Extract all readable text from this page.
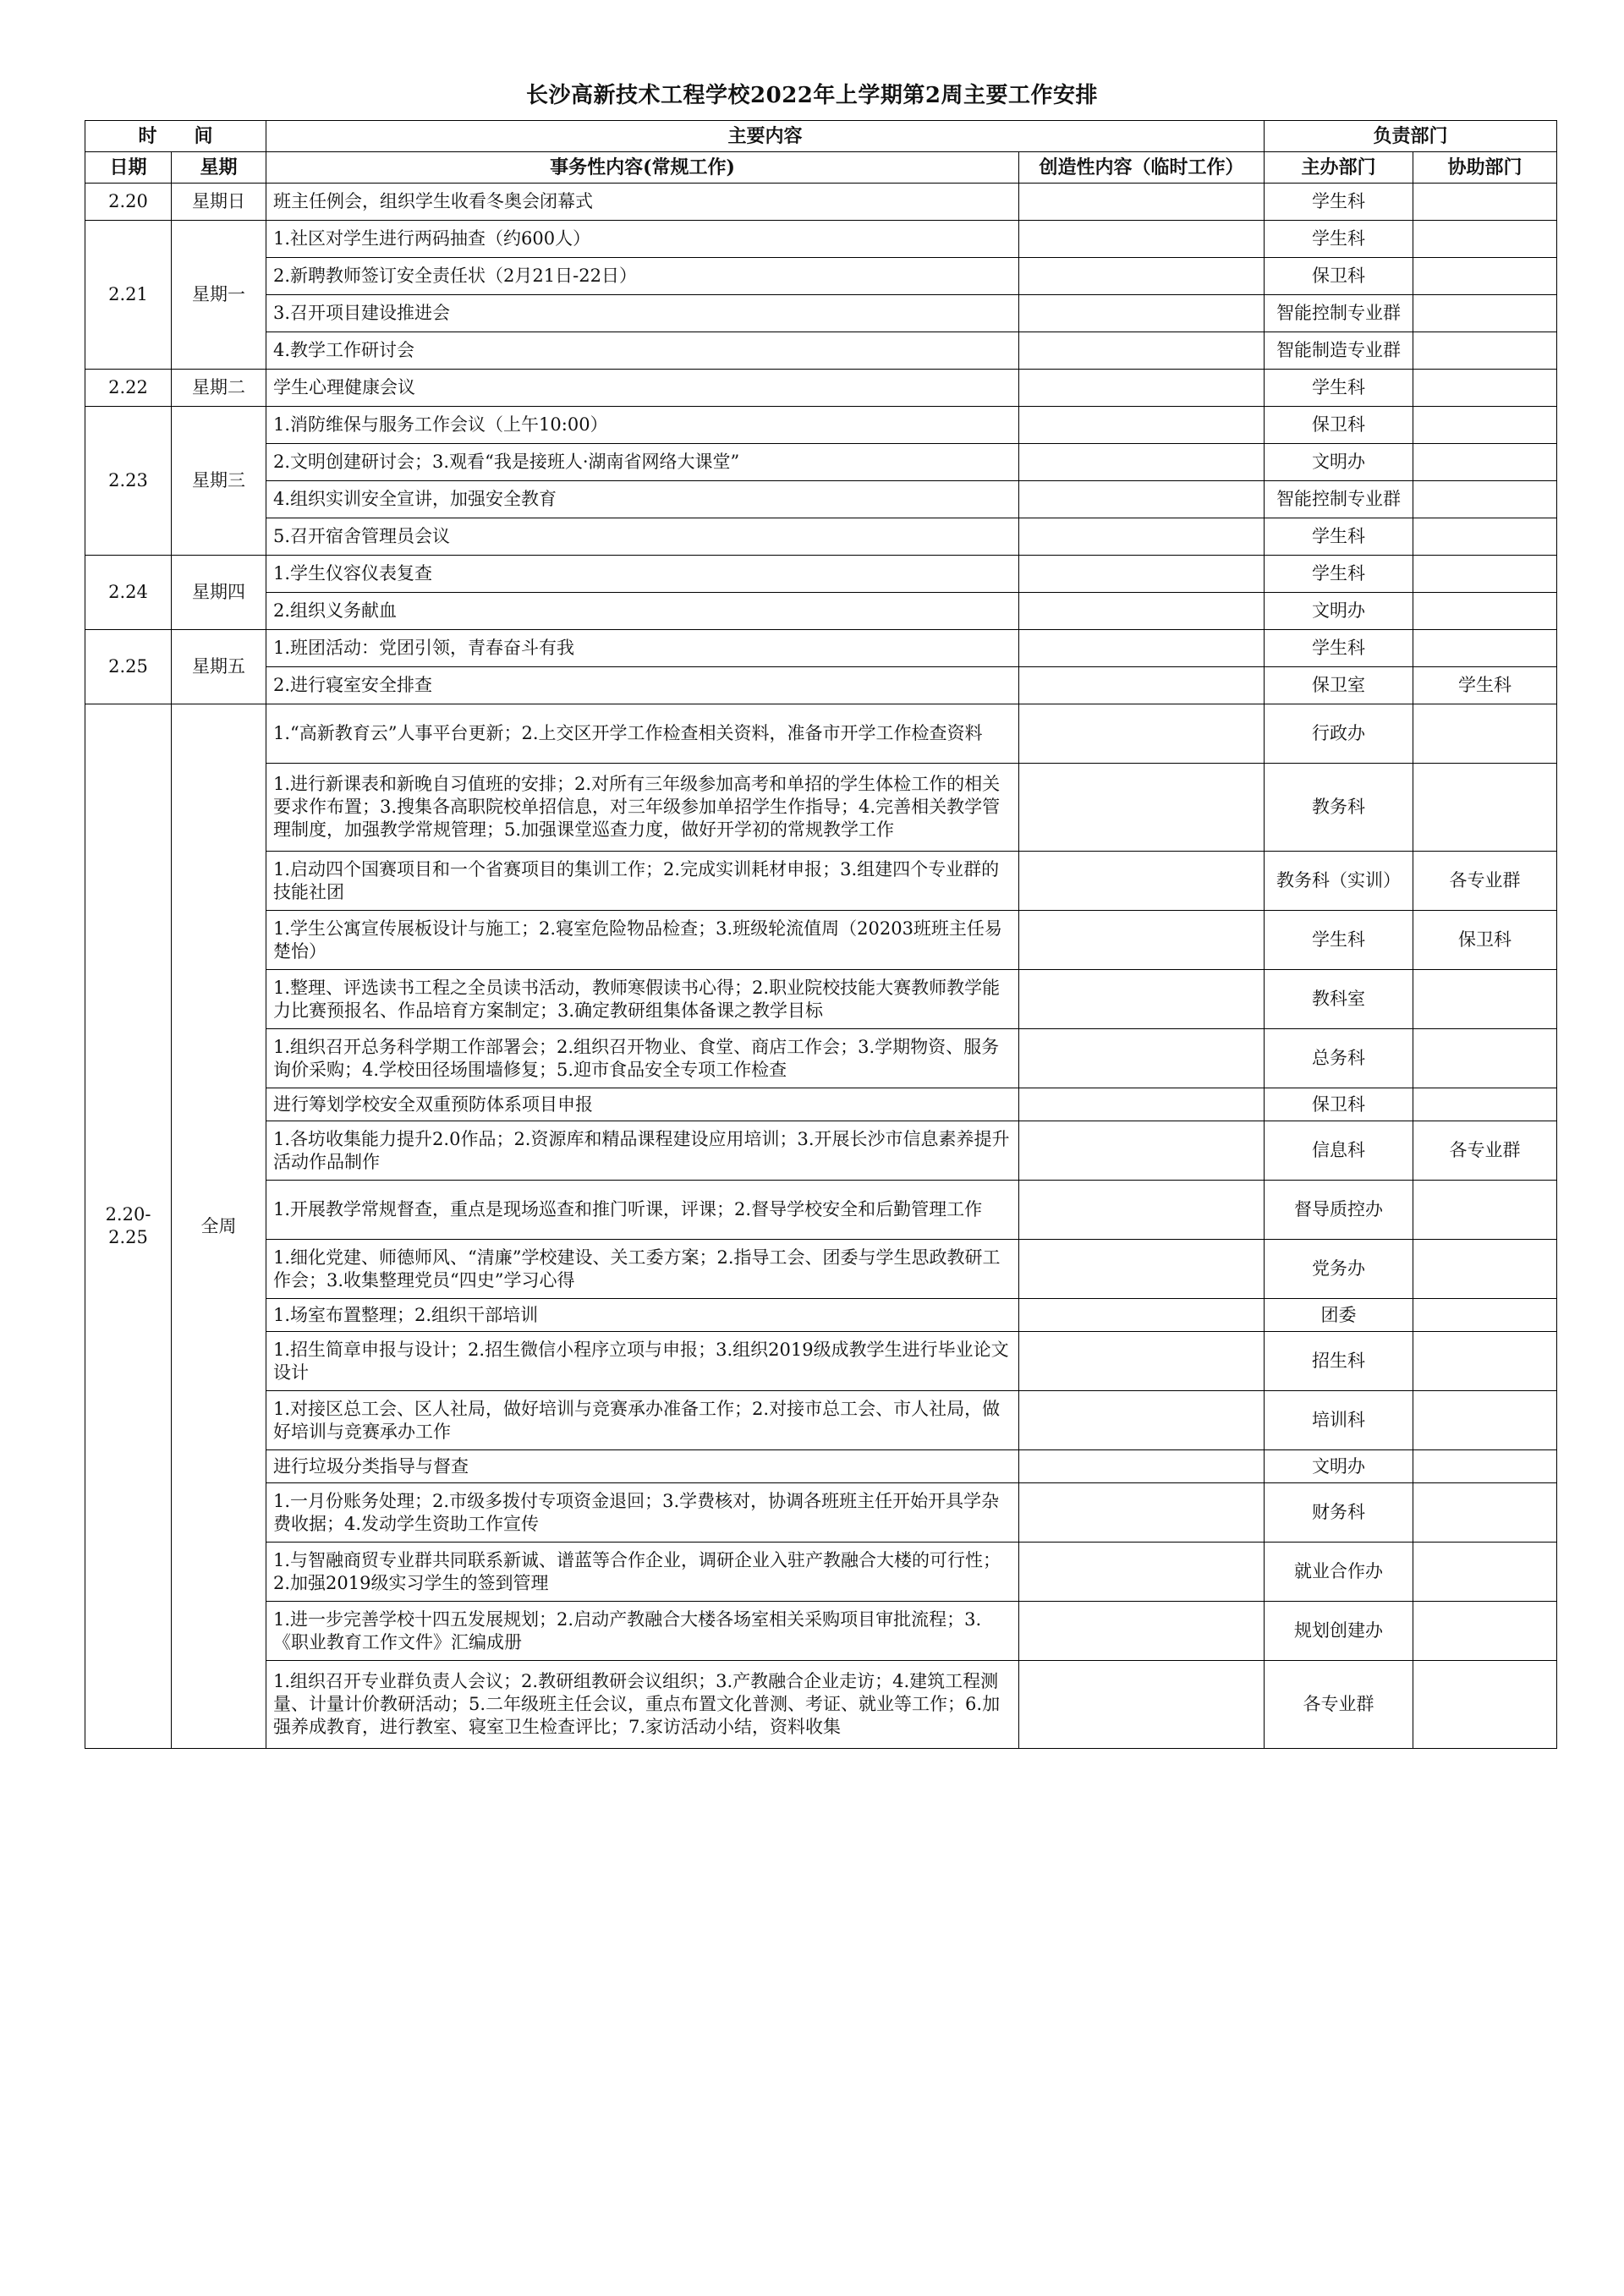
长沙高新技术工程学校2022年上学期第2周主要工作安排
时　　间		主要内容		负责部门	
日期	星期	事务性内容(常规工作)	创造性内容（临时工作）	主办部门	协助部门
2.20	星期日	班主任例会，组织学生收看冬奥会闭幕式		学生科	
2.21	星期一	1.社区对学生进行两码抽查（约600人）		学生科	
		2.新聘教师签订安全责任状（2月21日-22日）		保卫科	
		3.召开项目建设推进会		智能控制专业群	
		4.教学工作研讨会		智能制造专业群	
2.22	星期二	学生心理健康会议		学生科	
2.23	星期三	1.消防维保与服务工作会议（上午10:00）		保卫科	
		2.文明创建研讨会；3.观看“我是接班人·湖南省网络大课堂”		文明办	
		4.组织实训安全宣讲，加强安全教育		智能控制专业群	
		5.召开宿舍管理员会议		学生科	
2.24	星期四	1.学生仪容仪表复查		学生科	
		2.组织义务献血		文明办	
2.25	星期五	1.班团活动：党团引领，青春奋斗有我		学生科	
		2.进行寝室安全排查		保卫室	学生科
2.20-
2.25	全周	1.“高新教育云”人事平台更新；2.上交区开学工作检查相关资料，准备市开学工作检查资料		行政办	
		1.进行新课表和新晚自习值班的安排；2.对所有三年级参加高考和单招的学生体检工作的相关要求作布置；3.搜集各高职院校单招信息，对三年级参加单招学生作指导；4.完善相关教学管理制度，加强教学常规管理；5.加强课堂巡查力度，做好开学初的常规教学工作		教务科	
		1.启动四个国赛项目和一个省赛项目的集训工作；2.完成实训耗材申报；3.组建四个专业群的技能社团		教务科（实训）	各专业群
		1.学生公寓宣传展板设计与施工；2.寝室危险物品检查；3.班级轮流值周（20203班班主任易楚怡）		学生科	保卫科
		1.整理、评选读书工程之全员读书活动，教师寒假读书心得；2.职业院校技能大赛教师教学能力比赛预报名、作品培育方案制定；3.确定教研组集体备课之教学目标		教科室	
		1.组织召开总务科学期工作部署会；2.组织召开物业、食堂、商店工作会；3.学期物资、服务询价采购；4.学校田径场围墙修复；5.迎市食品安全专项工作检查		总务科	
		进行筹划学校安全双重预防体系项目申报		保卫科	
		1.各坊收集能力提升2.0作品；2.资源库和精品课程建设应用培训；3.开展长沙市信息素养提升活动作品制作		信息科	各专业群
		1.开展教学常规督查，重点是现场巡查和推门听课，评课；2.督导学校安全和后勤管理工作		督导质控办	
		1.细化党建、师德师风、“清廉”学校建设、关工委方案；2.指导工会、团委与学生思政教研工作会；3.收集整理党员“四史”学习心得		党务办	
		1.场室布置整理；2.组织干部培训		团委	
		1.招生简章申报与设计；2.招生微信小程序立项与申报；3.组织2019级成教学生进行毕业论文设计		招生科	
		1.对接区总工会、区人社局，做好培训与竞赛承办准备工作；2.对接市总工会、市人社局，做好培训与竞赛承办工作		培训科	
		进行垃圾分类指导与督查		文明办	
		1.一月份账务处理；2.市级多拨付专项资金退回；3.学费核对，协调各班班主任开始开具学杂费收据；4.发动学生资助工作宣传		财务科	
		1.与智融商贸专业群共同联系新诚、谱蓝等合作企业，调研企业入驻产教融合大楼的可行性；2.加强2019级实习学生的签到管理		就业合作办	
		1.进一步完善学校十四五发展规划；2.启动产教融合大楼各场室相关采购项目审批流程；3.《职业教育工作文件》汇编成册		规划创建办	
		1.组织召开专业群负责人会议；2.教研组教研会议组织；3.产教融合企业走访；4.建筑工程测量、计量计价教研活动；5.二年级班主任会议，重点布置文化普测、考证、就业等工作；6.加强养成教育，进行教室、寝室卫生检查评比；7.家访活动小结，资料收集		各专业群	
